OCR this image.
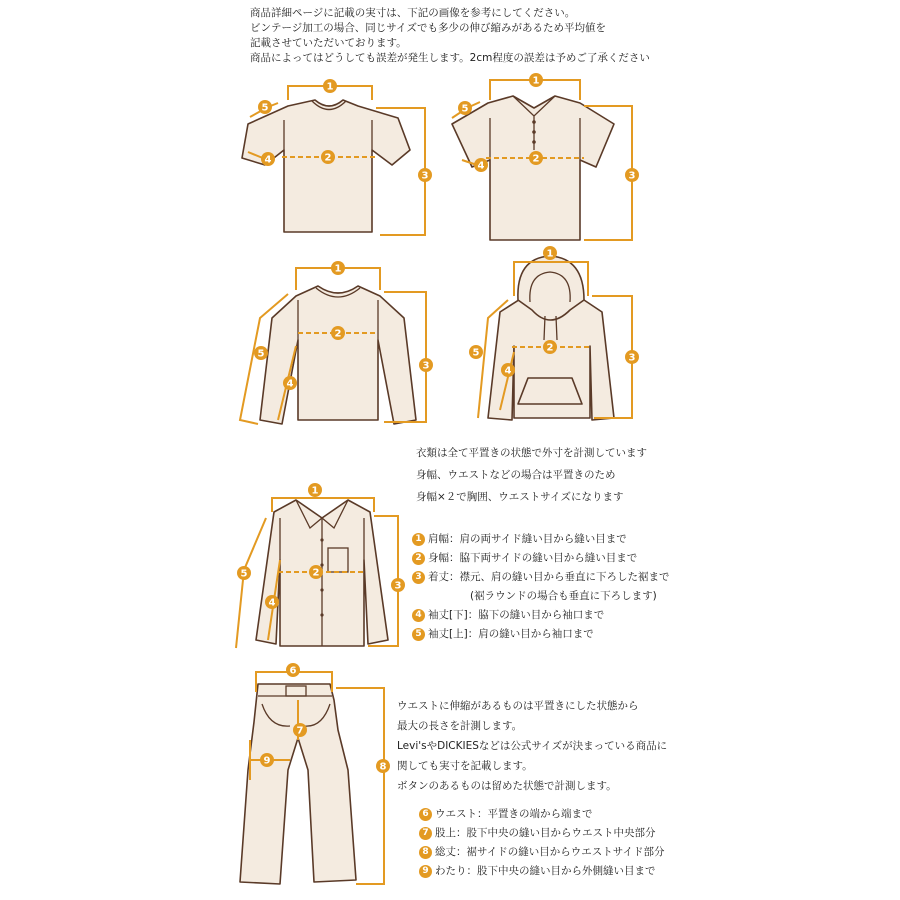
商品詳細ページに記載の実寸は、下記の画像を参考にしてください。
ビンテージ加工の場合、同じサイズでも多少の伸び縮みがあるため平均値を
記載させていただいております。
商品によってはどうしても誤差が発生します。2cm程度の誤差は予めご了承ください
1
2
3
4
5
1
2
3
4
5
1
2
3
4
5
1
2
3
4
5
1
2
3
4
5
6
7
8
9
衣類は全て平置きの状態で外寸を計測しています
身幅、ウエストなどの場合は平置きのため
身幅×２で胸囲、ウエストサイズになります
1 肩幅：肩の両サイド縫い目から縫い目まで
2 身幅：脇下両サイドの縫い目から縫い目まで
3 着丈：襟元、肩の縫い目から垂直に下ろした裾まで
(裾ラウンドの場合も垂直に下ろします)
4 袖丈[下]：脇下の縫い目から袖口まで
5 袖丈[上]：肩の縫い目から袖口まで
ウエストに伸縮があるものは平置きにした状態から
最大の長さを計測します。
Levi'sやDICKIESなどは公式サイズが決まっている商品に
関しても実寸を記載します。
ボタンのあるものは留めた状態で計測します。
6 ウエスト：平置きの端から端まで
7 股上：股下中央の縫い目からウエスト中央部分
8 総丈：裾サイドの縫い目からウエストサイド部分
9 わたり：股下中央の縫い目から外側縫い目まで
